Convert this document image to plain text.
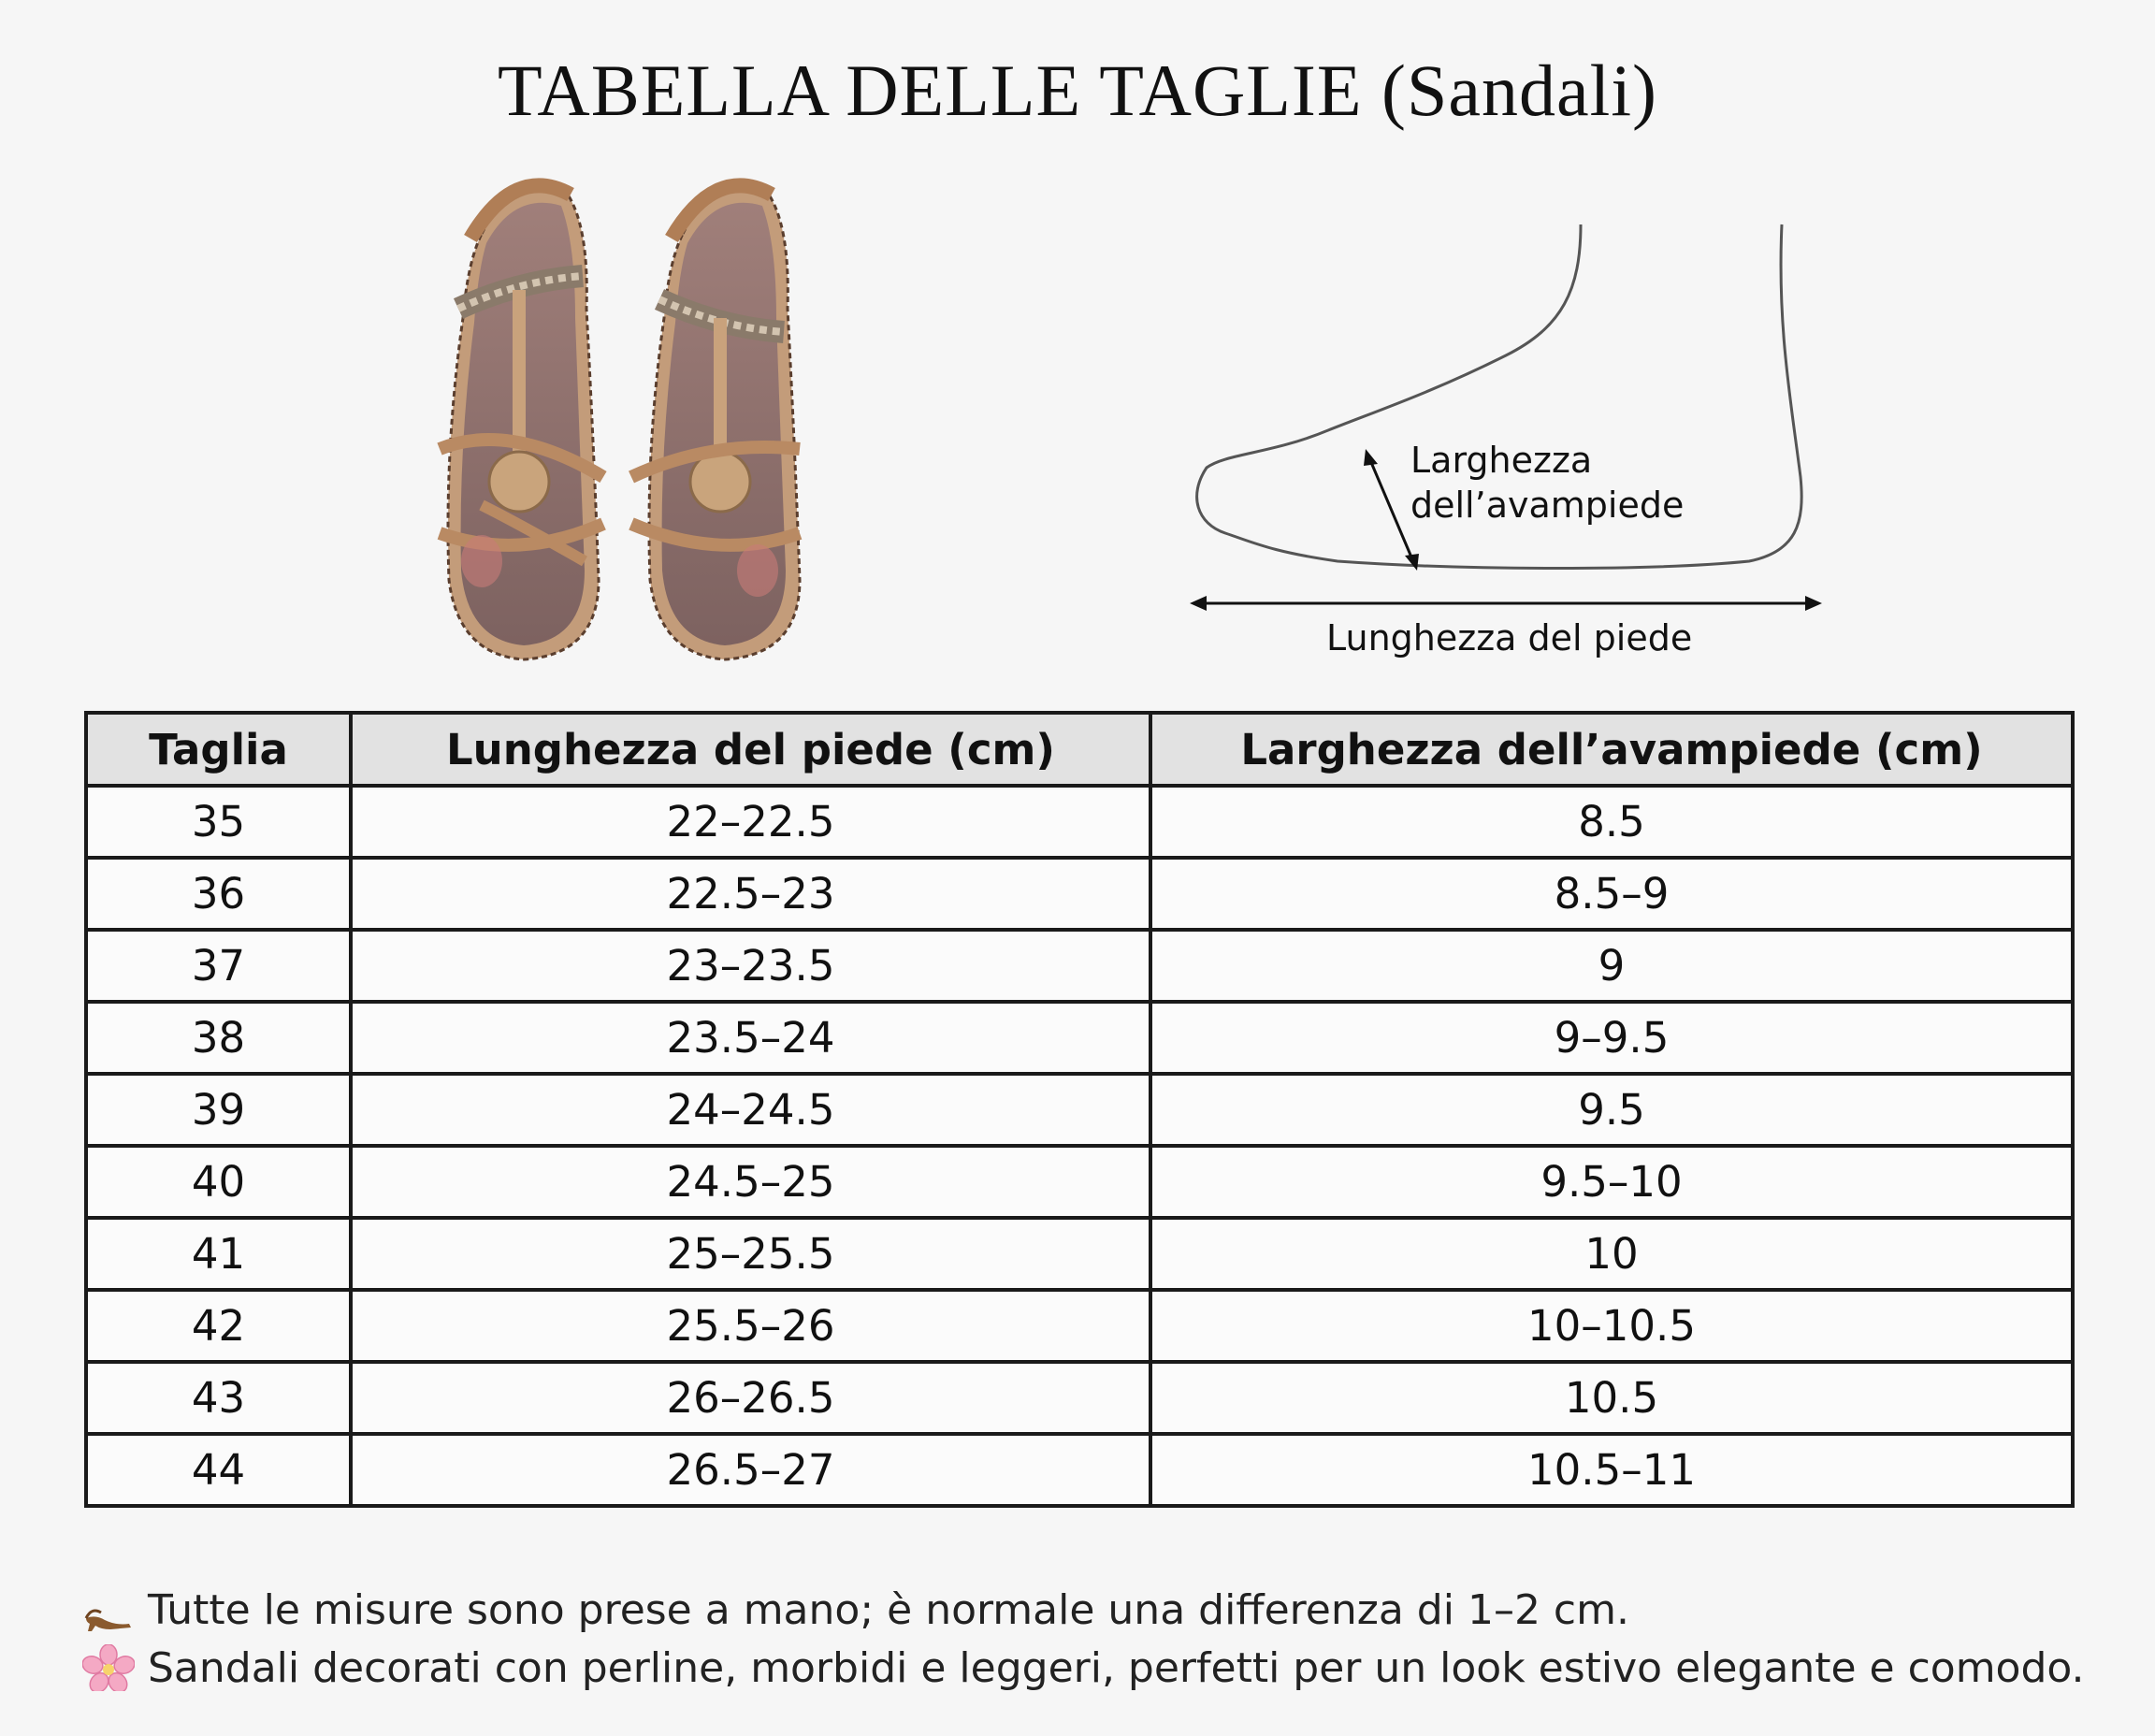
TABELLA DELLE TAGLIE (Sandali)
Larghezza
dell’avampiede
Lunghezza del piede
Taglia	Lunghezza del piede (cm)	Larghezza dell’avampiede (cm)
35	22–22.5	8.5
36	22.5–23	8.5–9
37	23–23.5	9
38	23.5–24	9–9.5
39	24–24.5	9.5
40	24.5–25	9.5–10
41	25–25.5	10
42	25.5–26	10–10.5
43	26–26.5	10.5
44	26.5–27	10.5–11
Tutte le misure sono prese a mano; è normale una differenza di 1–2 cm.
Sandali decorati con perline, morbidi e leggeri, perfetti per un look estivo elegante e comodo.
